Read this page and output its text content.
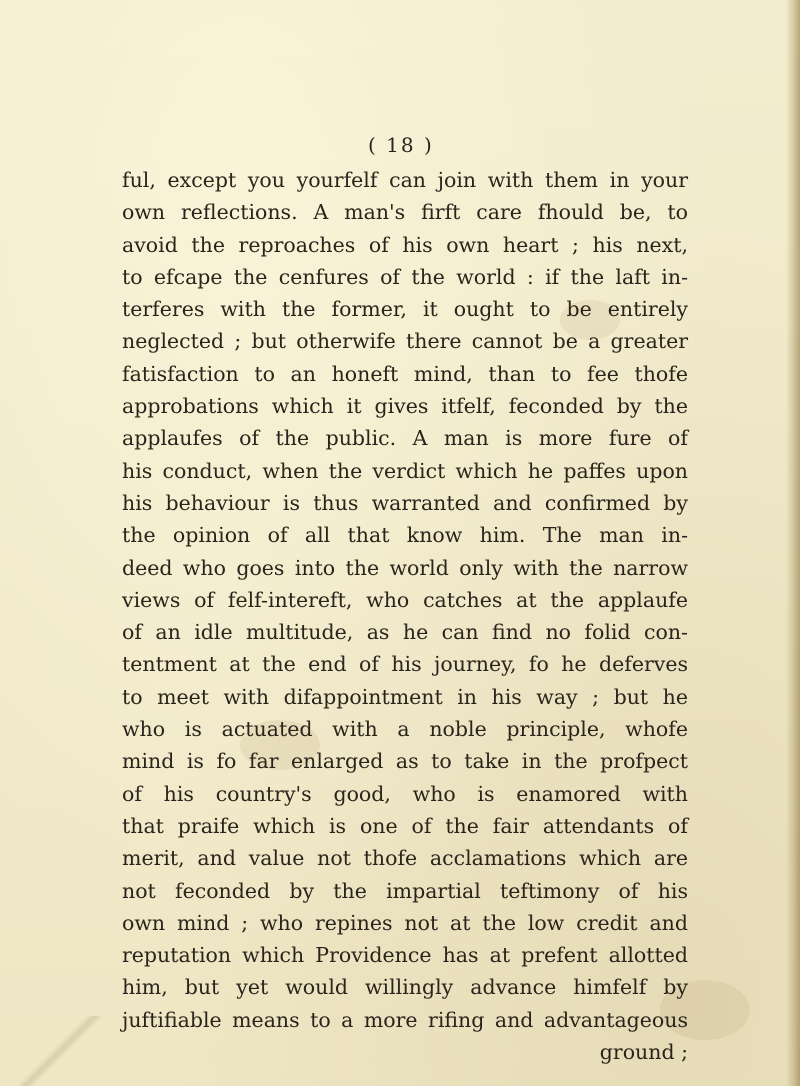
( 18 )
ful, except you yourfelf can join with them in your
own reflections. A man's firft care fhould be, to
avoid the reproaches of his own heart ; his next,
to efcape the cenfures of the world : if the laft in-
terferes with the former, it ought to be entirely
neglected ; but otherwife there cannot be a greater
fatisfaction to an honeft mind, than to fee thofe
approbations which it gives itfelf, feconded by the
applaufes of the public. A man is more fure of
his conduct, when the verdict which he paffes upon
his behaviour is thus warranted and confirmed by
the opinion of all that know him. The man in-
deed who goes into the world only with the narrow
views of felf-intereft, who catches at the applaufe
of an idle multitude, as he can find no folid con-
tentment at the end of his journey, fo he deferves
to meet with difappointment in his way ; but he
who is actuated with a noble principle, whofe
mind is fo far enlarged as to take in the profpect
of his country's good, who is enamored with
that praife which is one of the fair attendants of
merit, and value not thofe acclamations which are
not feconded by the impartial teftimony of his
own mind ; who repines not at the low credit and
reputation which Providence has at prefent allotted
him, but yet would willingly advance himfelf by
juftifiable means to a more rifing and advantageous
ground ;
